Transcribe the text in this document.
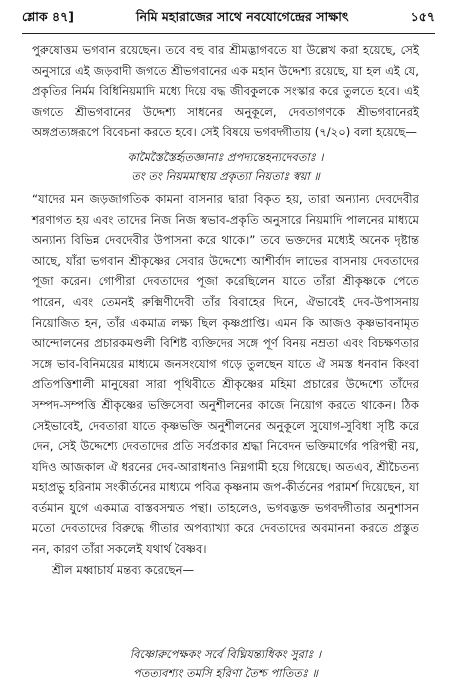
শ্লোক ৪৭]	নিমি মহারাজের সাথে নবযোগেন্দ্রের সাক্ষাৎ	১৫৭

পুরুষোত্তম ভগবান রয়েছেন। তবে বহু বার শ্রীমদ্ভাগবতে যা উল্লেখ করা হয়েছে, সেই অনুসারে এই জড়বাদী জগতে শ্রীভগবানের এক মহান উদ্দেশ্য রয়েছে, যা হল এই যে, প্রকৃতির নির্মম বিধিনিয়মাদি মধ্যে দিয়ে বদ্ধ জীবকুলকে সংস্কার করে তুলতে হবে। এই জগতে শ্রীভগবানের উদ্দেশ্য সাধনের অনুকূলে, দেবতাগণকে শ্রীভগবানেরই অঙ্গপ্রত্যঙ্গরূপে বিবেচনা করতে হবে। সেই বিষয়ে ভগবদ্গীতায় (৭/২০) বলা হয়েছে—

কামৈস্তৈস্তৈর্হৃতজ্ঞানাঃ প্রপদ্যন্তেহন্যদেবতাঃ ।
তং তং নিয়মমাস্থায় প্রকৃত্যা নিয়তাঃ স্বয়া ॥

“যাদের মন জড়জাগতিক কামনা বাসনার দ্বারা বিকৃত হয়, তারা অন্যান্য দেবদেবীর শরণাগত হয় এবং তাদের নিজ নিজ স্বভাব-প্রকৃতি অনুসারে নিয়মাদি পালনের মাধ্যমে অন্যান্য বিভিন্ন দেবদেবীর উপাসনা করে থাকে।” তবে ভক্তদের মধ্যেই অনেক দৃষ্টান্ত আছে, যাঁরা ভগবান শ্রীকৃষ্ণের সেবার উদ্দেশ্যে আশীর্বাদ লাভের বাসনায় দেবতাদের পূজা করেন। গোপীরা দেবতাদের পূজা করেছিলেন যাতে তাঁরা শ্রীকৃষ্ণকে পেতে পারেন, এবং তেমনই রুক্মিণীদেবী তাঁর বিবাহের দিনে, ঐভাবেই দেব-উপাসনায় নিয়োজিত হন, তাঁর একমাত্র লক্ষ্য ছিল কৃষ্ণপ্রাপ্তি। এমন কি আজও কৃষ্ণভাবনামৃত আন্দোলনের প্রচারকমণ্ডলী বিশিষ্ট ব্যক্তিদের সঙ্গে পূর্ণ বিনয় নম্রতা এবং বিচক্ষণতার সঙ্গে ভাব-বিনিময়ের মাধ্যমে জনসংযোগ গড়ে তুলছেন যাতে ঐ সমস্ত ধনবান কিংবা প্রতিপত্তিশালী মানুষেরা সারা পৃথিবীতে শ্রীকৃষ্ণের মহিমা প্রচারের উদ্দেশ্যে তাঁদের সম্পদ-সম্পত্তি শ্রীকৃষ্ণের ভক্তিসেবা অনুশীলনের কাজে নিয়োগ করতে থাকেন। ঠিক সেইভাবেই, দেবতারা যাতে কৃষ্ণভক্তি অনুশীলনের অনুকূলে সুযোগ-সুবিধা সৃষ্টি করে দেন, সেই উদ্দেশ্যে দেবতাদের প্রতি সর্বপ্রকার শ্রদ্ধা নিবেদন ভক্তিমার্গের পরিপন্থী নয়, যদিও আজকাল ঐ ধরনের দেব-আরাধনাও নিম্নগামী হয়ে গিয়েছে। অতএব, শ্রীচৈতন্য মহাপ্রভু হরিনাম সংকীর্তনের মাধ্যমে পবিত্র কৃষ্ণনাম জপ-কীর্তনের পরামর্শ দিয়েছেন, যা বর্তমান যুগে একমাত্র বাস্তবসম্মত পন্থা। তাহলেও, ভগবদ্ভক্ত ভগবদ্গীতার অনুশাসন মতো দেবতাদের বিরুদ্ধে গীতার অপব্যাখ্যা করে দেবতাদের অবমাননা করতে প্রস্তুত নন, কারণ তাঁরা সকলেই যথার্থ বৈষ্ণব।

শ্রীল মধ্বাচার্য মন্তব্য করেছেন—

বিষ্ণোরুপেক্ষকং সর্বে বিঘ্নিযন্ত্যধিকং সুরাঃ ।
পতত্যবশ্যং তমসি হরিণা তৈশ্চ পাতিতঃ ॥
